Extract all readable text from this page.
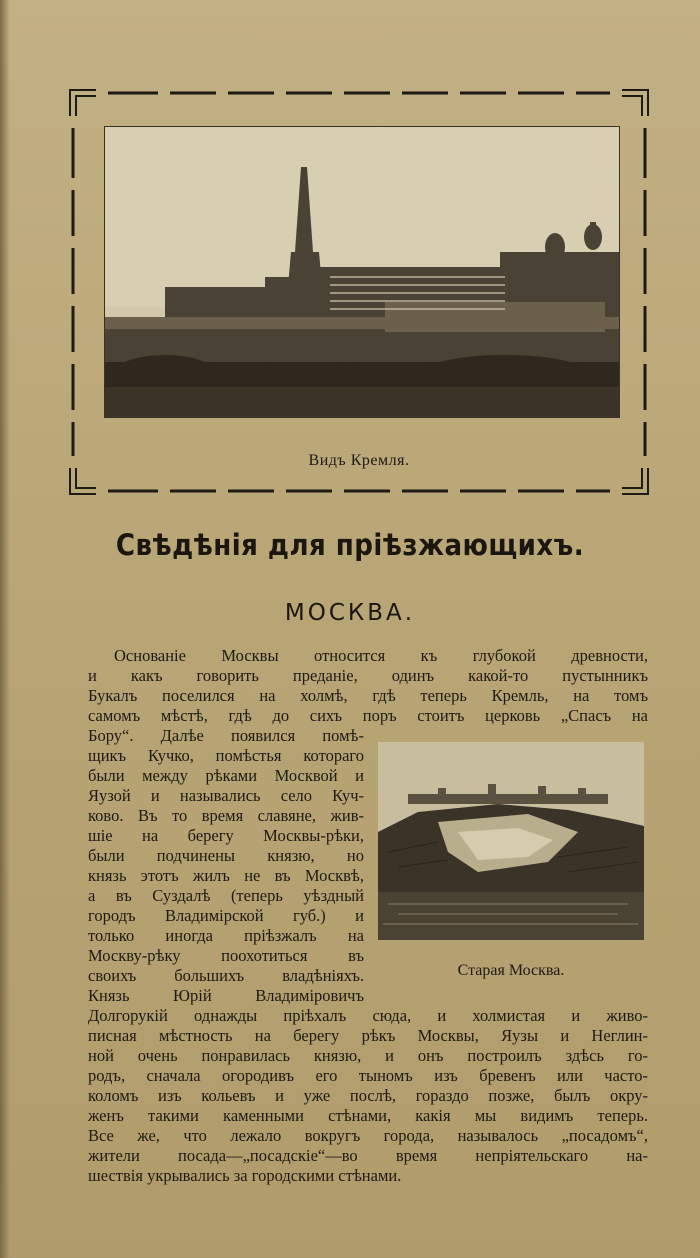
Видъ Кремля.
Свѣдѣнія для пріѣзжающихъ.
МОСКВА.
Основаніе Москвы относится къ глубокой древности,
и какъ говорить преданіе, одинъ какой-то пустынникъ
Букалъ поселился на холмѣ, гдѣ теперь Кремль, на томъ
самомъ мѣстѣ, гдѣ до сихъ поръ стоитъ церковь „Спасъ на
Бору“. Далѣе появился помѣ-
щикъ Кучко, помѣстья котораго
были между рѣками Москвой и
Яузой и назывались село Куч-
ково. Въ то время славяне, жив-
шіе на берегу Москвы-рѣки,
были подчинены князю, но
князь этотъ жилъ не въ Москвѣ,
а въ Суздалѣ (теперь уѣздный
городъ Владимірской губ.) и
только иногда пріѣзжалъ на
Москву-рѣку поохотиться въ
своихъ большихъ владѣніяхъ.
Князь Юрій Владиміровичъ
Долгорукій однажды пріѣхалъ сюда, и холмистая и живо-
писная мѣстность на берегу рѣкъ Москвы, Яузы и Неглин-
ной очень понравилась князю, и онъ построилъ здѣсь го-
родъ, сначала огородивъ его тыномъ изъ бревенъ или часто-
коломъ изъ кольевъ и уже послѣ, гораздо позже, былъ окру-
женъ такими каменными стѣнами, какія мы видимъ теперь.
Все же, что лежало вокругъ города, называлось „посадомъ“,
жители посада—„посадскіе“—во время непріятельскаго на-
шествія укрывались за городскими стѣнами.
Старая Москва.
